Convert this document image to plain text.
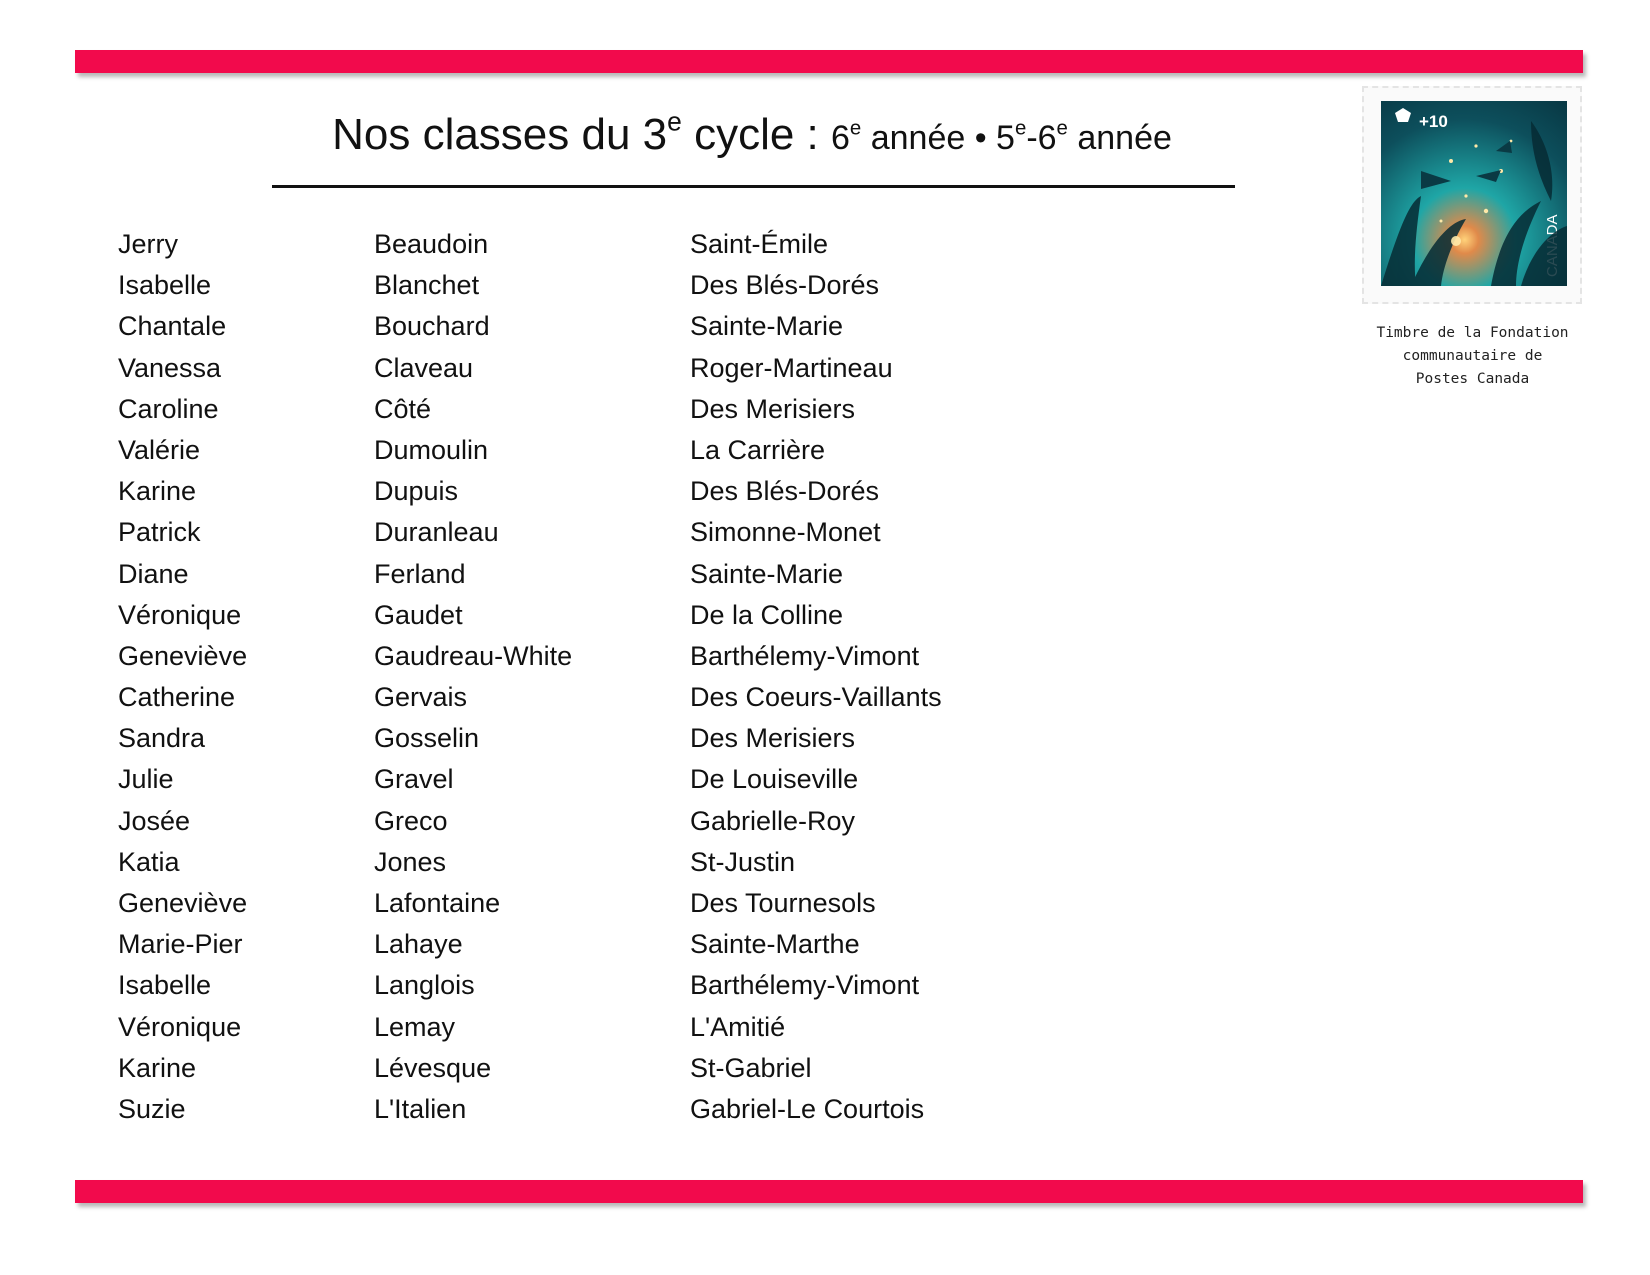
Nos classes du 3e cycle : 6e année • 5e-6e année
Jerry
Isabelle
Chantale
Vanessa
Caroline
Valérie
Karine
Patrick
Diane
Véronique
Geneviève
Catherine
Sandra
Julie
Josée
Katia
Geneviève
Marie-Pier
Isabelle
Véronique
Karine
Suzie
Beaudoin
Blanchet
Bouchard
Claveau
Côté
Dumoulin
Dupuis
Duranleau
Ferland
Gaudet
Gaudreau-White
Gervais
Gosselin
Gravel
Greco
Jones
Lafontaine
Lahaye
Langlois
Lemay
Lévesque
L'Italien
Saint-Émile
Des Blés-Dorés
Sainte-Marie
Roger-Martineau
Des Merisiers
La Carrière
Des Blés-Dorés
Simonne-Monet
Sainte-Marie
De la Colline
Barthélemy-Vimont
Des Coeurs-Vaillants
Des Merisiers
De Louiseville
Gabrielle-Roy
St-Justin
Des Tournesols
Sainte-Marthe
Barthélemy-Vimont
L'Amitié
St-Gabriel
Gabriel-Le Courtois
+10
Timbre de la Fondation
communautaire de
Postes Canada
